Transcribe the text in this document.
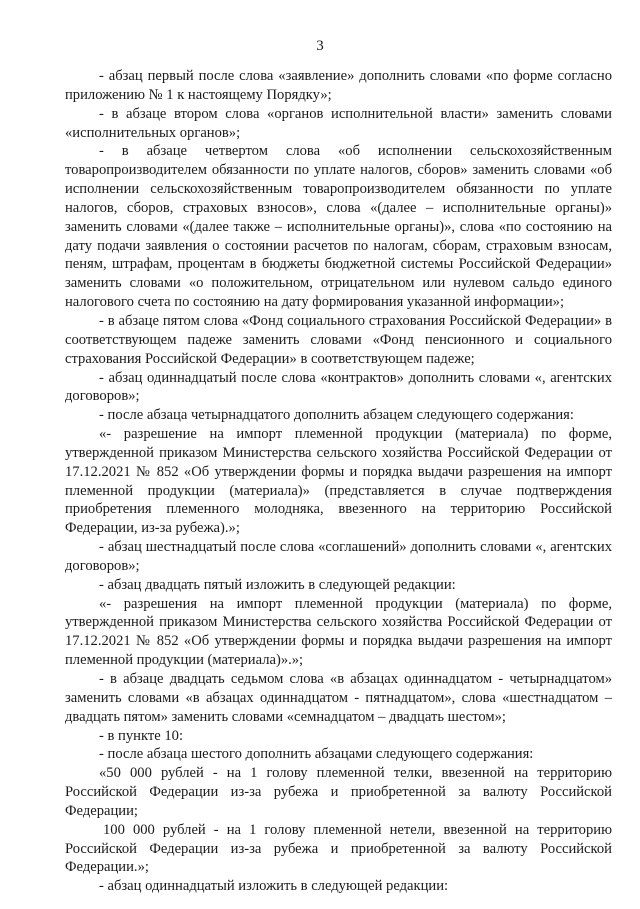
3

- абзац первый после слова «заявление» дополнить словами «по форме согласно приложению № 1 к настоящему Порядку»;

- в абзаце втором слова «органов исполнительной власти» заменить словами «исполнительных органов»;

- в абзаце четвертом слова «об исполнении сельскохозяйственным товаропроизводителем обязанности по уплате налогов, сборов» заменить словами «об исполнении сельскохозяйственным товаропроизводителем обязанности по уплате налогов, сборов, страховых взносов», слова «(далее – исполнительные органы)» заменить словами «(далее также – исполнительные органы)», слова «по состоянию на дату подачи заявления о состоянии расчетов по налогам, сборам, страховым взносам, пеням, штрафам, процентам в бюджеты бюджетной системы Российской Федерации» заменить словами «о положительном, отрицательном или нулевом сальдо единого налогового счета по состоянию на дату формирования указанной информации»;

- в абзаце пятом слова «Фонд социального страхования Российской Федерации» в соответствующем падеже заменить словами «Фонд пенсионного и социального страхования Российской Федерации» в соответствующем падеже;

- абзац одиннадцатый после слова «контрактов» дополнить словами «, агентских договоров»;

- после абзаца четырнадцатого дополнить абзацем следующего содержания:

«- разрешение на импорт племенной продукции (материала) по форме, утвержденной приказом Министерства сельского хозяйства Российской Федерации от 17.12.2021 № 852 «Об утверждении формы и порядка выдачи разрешения на импорт племенной продукции (материала)» (представляется в случае подтверждения приобретения племенного молодняка, ввезенного на территорию Российской Федерации, из-за рубежа).»;

- абзац шестнадцатый после слова «соглашений» дополнить словами «, агентских договоров»;

- абзац двадцать пятый изложить в следующей редакции:

«- разрешения на импорт племенной продукции (материала) по форме, утвержденной приказом Министерства сельского хозяйства Российской Федерации от 17.12.2021 № 852 «Об утверждении формы и порядка выдачи разрешения на импорт племенной продукции (материала)».»;

- в абзаце двадцать седьмом слова «в абзацах одиннадцатом - четырнадцатом» заменить словами «в абзацах одиннадцатом - пятнадцатом», слова «шестнадцатом – двадцать пятом» заменить словами «семнадцатом – двадцать шестом»;

- в пункте 10:

- после абзаца шестого дополнить абзацами следующего содержания:

«50 000 рублей - на 1 голову племенной телки, ввезенной на территорию Российской Федерации из-за рубежа и приобретенной за валюту Российской Федерации;

100 000 рублей - на 1 голову племенной нетели, ввезенной на территорию Российской Федерации из-за рубежа и приобретенной за валюту Российской Федерации.»;

- абзац одиннадцатый изложить в следующей редакции:
